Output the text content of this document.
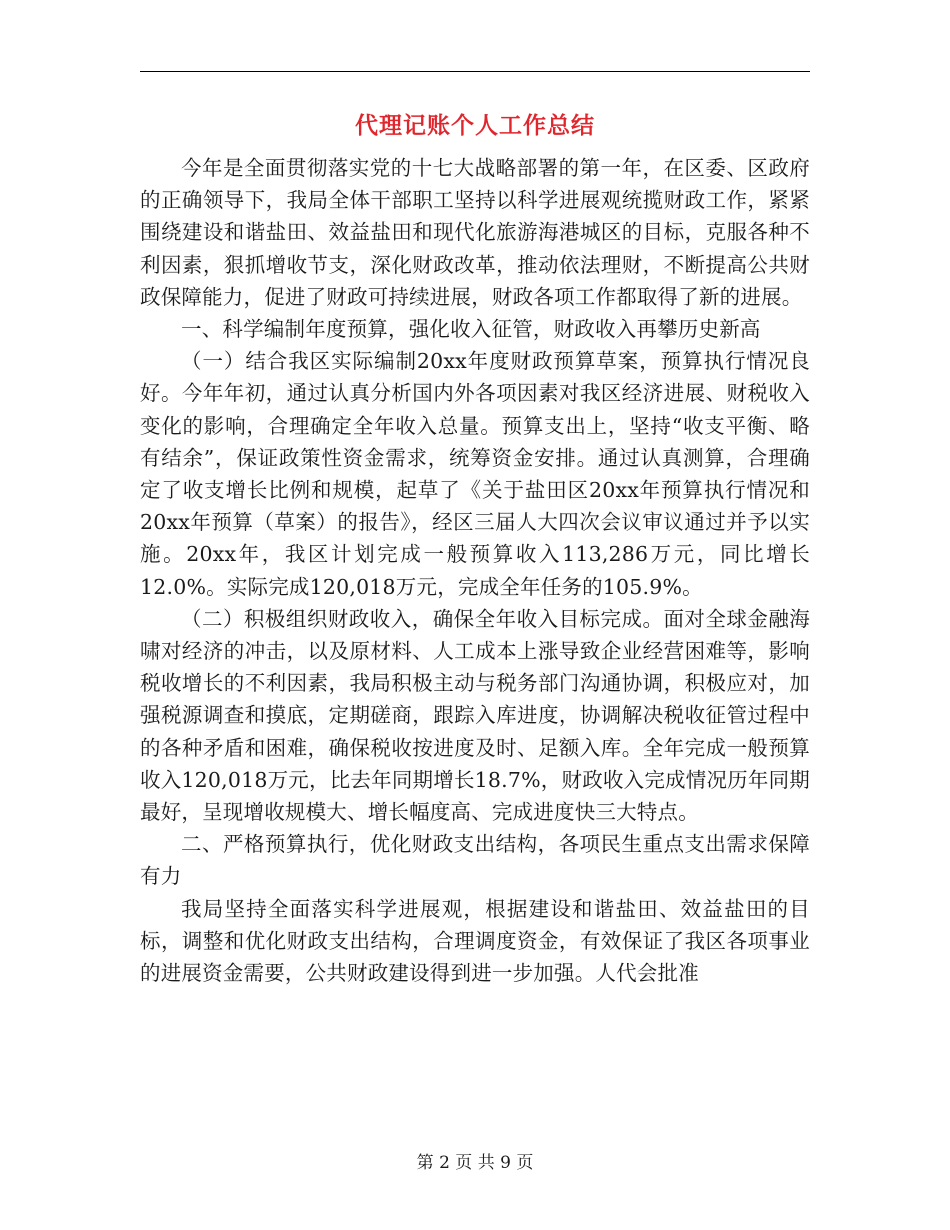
代理记账个人工作总结

今年是全面贯彻落实党的十七大战略部署的第一年，在区委、区政府的正确领导下，我局全体干部职工坚持以科学进展观统揽财政工作，紧紧围绕建设和谐盐田、效益盐田和现代化旅游海港城区的目标，克服各种不利因素，狠抓增收节支，深化财政改革，推动依法理财，不断提高公共财政保障能力，促进了财政可持续进展，财政各项工作都取得了新的进展。

一、科学编制年度预算，强化收入征管，财政收入再攀历史新高

（一）结合我区实际编制20xx年度财政预算草案，预算执行情况良好。今年年初，通过认真分析国内外各项因素对我区经济进展、财税收入变化的影响，合理确定全年收入总量。预算支出上，坚持“收支平衡、略有结余”，保证政策性资金需求，统筹资金安排。通过认真测算，合理确定了收支增长比例和规模，起草了《关于盐田区20xx年预算执行情况和20xx年预算（草案）的报告》，经区三届人大四次会议审议通过并予以实施。20xx年，我区计划完成一般预算收入113,286万元，同比增长12.0%。实际完成120,018万元，完成全年任务的105.9%。

（二）积极组织财政收入，确保全年收入目标完成。面对全球金融海啸对经济的冲击，以及原材料、人工成本上涨导致企业经营困难等，影响税收增长的不利因素，我局积极主动与税务部门沟通协调，积极应对，加强税源调查和摸底，定期磋商，跟踪入库进度，协调解决税收征管过程中的各种矛盾和困难，确保税收按进度及时、足额入库。全年完成一般预算收入120,018万元，比去年同期增长18.7%，财政收入完成情况历年同期最好，呈现增收规模大、增长幅度高、完成进度快三大特点。

二、严格预算执行，优化财政支出结构，各项民生重点支出需求保障有力

我局坚持全面落实科学进展观，根据建设和谐盐田、效益盐田的目标，调整和优化财政支出结构，合理调度资金，有效保证了我区各项事业的进展资金需要，公共财政建设得到进一步加强。人代会批准

第 2 页 共 9 页
